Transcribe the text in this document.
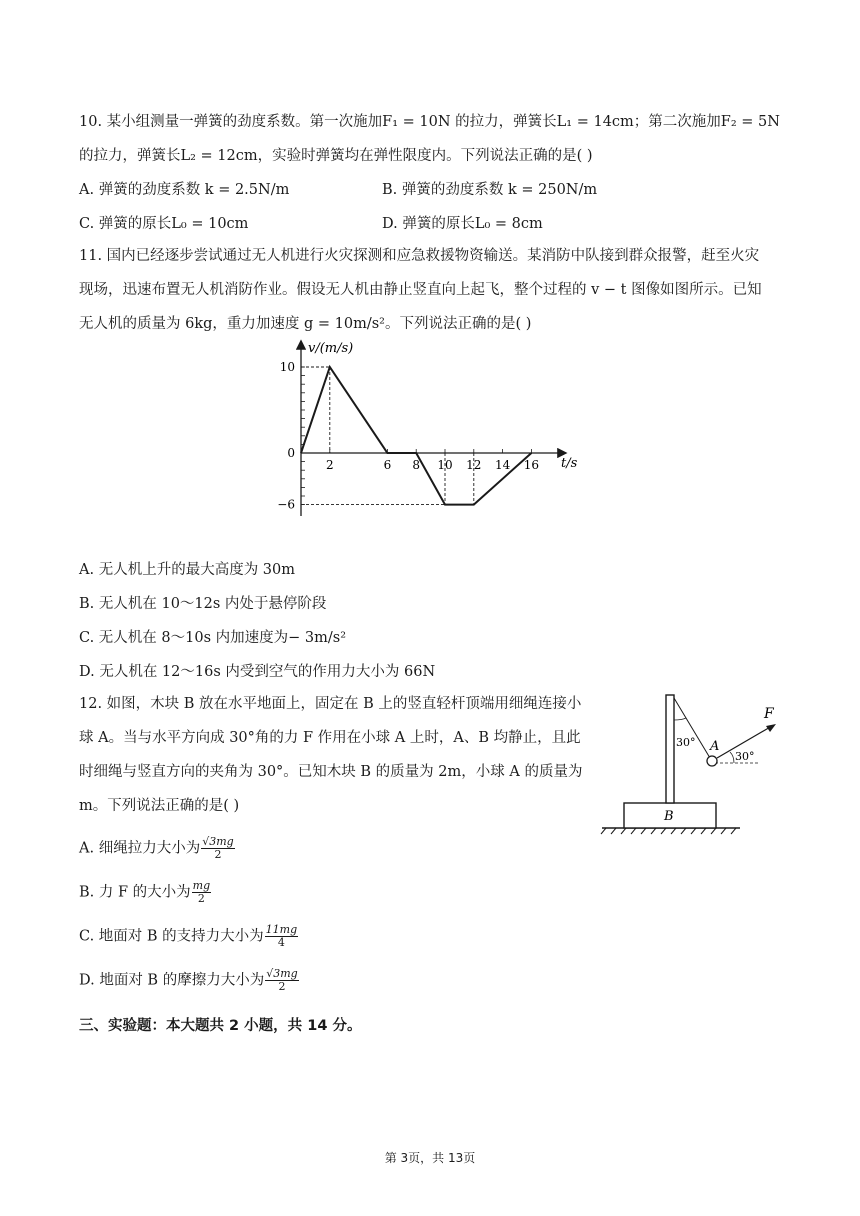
10. 某小组测量一弹簧的劲度系数。第一次施加F₁ = 10N 的拉力，弹簧长L₁ = 14cm；第二次施加F₂ = 5N
的拉力，弹簧长L₂ = 12cm，实验时弹簧均在弹性限度内。下列说法正确的是( )
A. 弹簧的劲度系数 k = 2.5N/m	B. 弹簧的劲度系数 k = 250N/m
C. 弹簧的原长L₀ = 10cm	D. 弹簧的原长L₀ = 8cm
11. 国内已经逐步尝试通过无人机进行火灾探测和应急救援物资输送。某消防中队接到群众报警，赶至火灾
现场，迅速布置无人机消防作业。假设无人机由静止竖直向上起飞，整个过程的 v − t 图像如图所示。已知
无人机的质量为 6kg，重力加速度 g = 10m/s²。下列说法正确的是( )
2	6 8 10 12 14 16
10
0
−6
v/(m/s)
t/s
A. 无人机上升的最大高度为 30m
B. 无人机在 10～12s 内处于悬停阶段
C. 无人机在 8～10s 内加速度为− 3m/s²
D. 无人机在 12～16s 内受到空气的作用力大小为 66N
12. 如图，木块 B 放在水平地面上，固定在 B 上的竖直轻杆顶端用细绳连接小
球 A。当与水平方向成 30°角的力 F 作用在小球 A 上时，A、B 均静止，且此
时细绳与竖直方向的夹角为 30°。已知木块 B 的质量为 2m，小球 A 的质量为
m。下列说法正确的是( )
A. 细绳拉力大小为 $\frac{√3mg}{2}$
B. 力 F 的大小为 $\frac{mg}{2}$
C. 地面对 B 的支持力大小为 $\frac{11mg}{4}$
D. 地面对 B 的摩擦力大小为 $\frac{√3mg}{2}$
B
30° A
30°
F
三、实验题：本大题共 2 小题，共 14 分。
第 3页，共 13页
